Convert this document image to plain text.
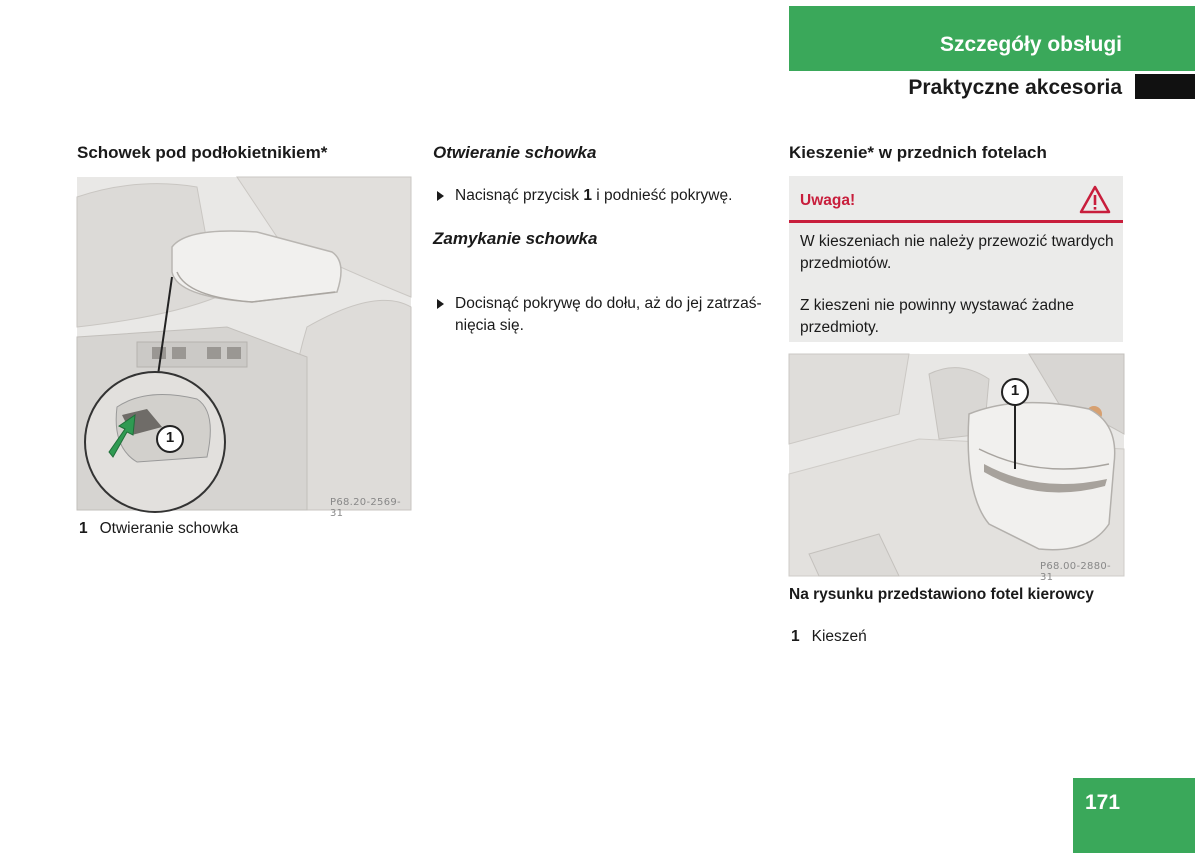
Szczegóły obsługi
Praktyczne akcesoria
Schowek pod podłokietnikiem*
1
P68.20-2569-31
1 Otwieranie schowka
Otwieranie schowka
Nacisnąć przycisk 1 i podnieść pokrywę.
Zamykanie schowka
Docisnąć pokrywę do dołu, aż do jej zatrzaś-
nięcia się.
Kieszenie* w przednich fotelach
Uwaga!
W kieszeniach nie należy przewozić twardych
przedmiotów.
Z kieszeni nie powinny wystawać żadne
przedmioty.
1
P68.00-2880-31
Na rysunku przedstawiono fotel kierowcy
1 Kieszeń
171
